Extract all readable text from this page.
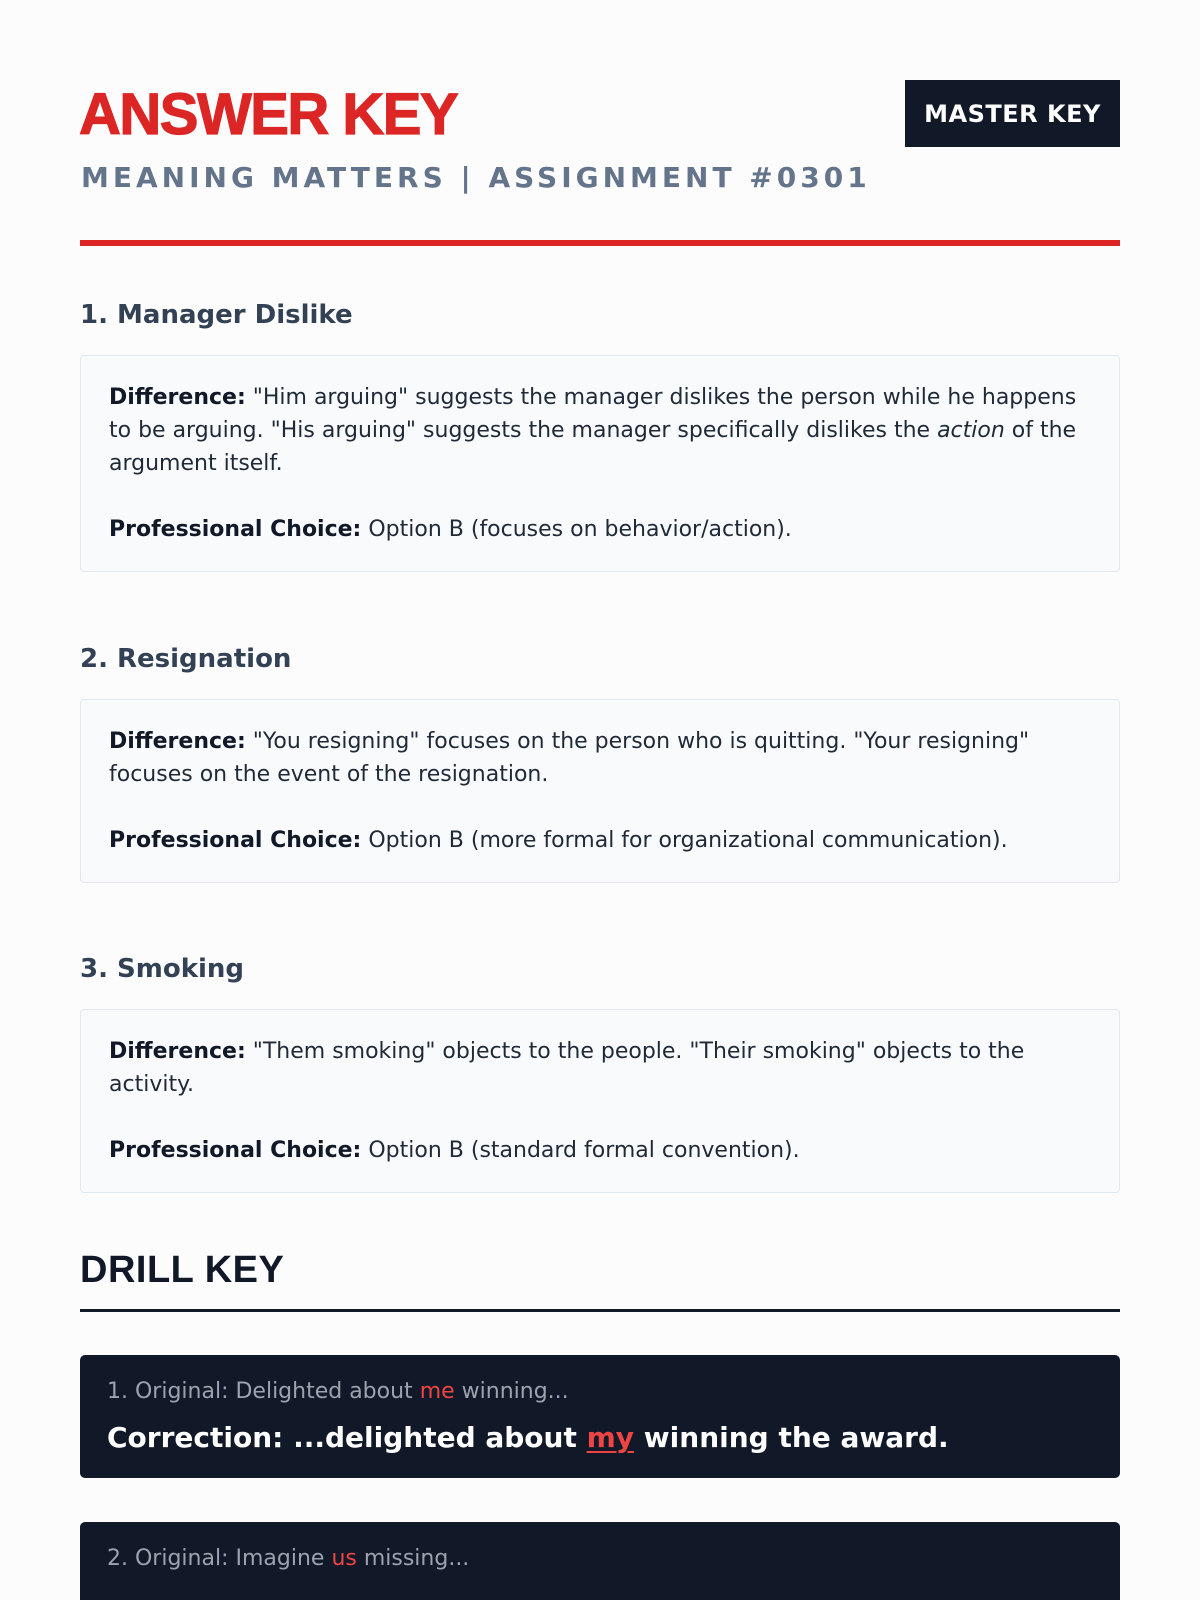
ANSWER KEY	MASTER KEY
MEANING MATTERS | ASSIGNMENT #0301
1. Manager Dislike

Difference: "Him arguing" suggests the manager dislikes the person while he happens to be arguing. "His arguing" suggests the manager specifically dislikes the action of the argument itself.

Professional Choice: Option B (focuses on behavior/action).

2. Resignation

Difference: "You resigning" focuses on the person who is quitting. "Your resigning" focuses on the event of the resignation.

Professional Choice: Option B (more formal for organizational communication).

3. Smoking

Difference: "Them smoking" objects to the people. "Their smoking" objects to the activity.

Professional Choice: Option B (standard formal convention).

DRILL KEY
1. Original: Delighted about me winning...
Correction: ...delighted about my winning the award.
2. Original: Imagine us missing...
